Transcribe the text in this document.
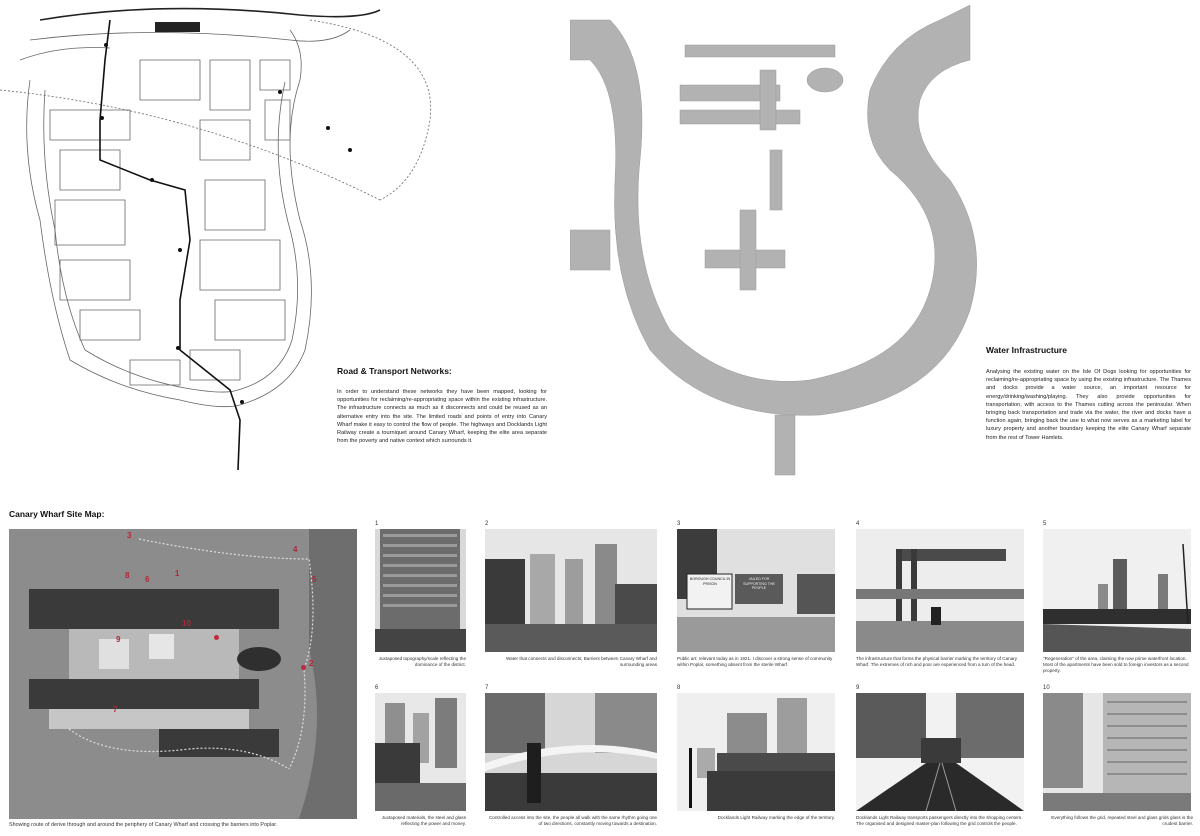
Road & Transport Networks:
In order to understand these networks they have been mapped, looking for opportunities for reclaiming/re-appropriating space within the existing infrastructure. The infrastructure connects as much as it disconnects and could be reused as an alternative entry into the site. The limited roads and points of entry into Canary Wharf make it easy to control the flow of people. The highways and Docklands Light Railway create a tourniquet around Canary Wharf, keeping the elite area separate from the poverty and native context which surrounds it.
Water Infrastructure
Analysing the existing water on the Isle Of Dogs looking for opportunities for reclaiming/re-appropriating space by using the existing infrastructure. The Thames and docks provide a water source, an important resource for energy/drinking/washing/playing. They also provide opportunities for transportation, with access to the Thames cutting across the peninsular. When bringing back transportation and trade via the water, the river and docks have a function again, bringing back the use to what now serves as a marketing label for luxury property and another boundary keeping the elite Canary Wharf separate from the rest of Tower Hamlets.
Canary Wharf Site Map:
3
4
8 6
1
5
10
9
2
7
Showing route of derive through and around the periphery of Canary Wharf and crossing the barriers into Poplar.
1
Juxtaposed topography/scale reflecting the dominance of the district.
2
Water that connects and disconnects; Barriers between Canary Wharf and surrounding areas
3
BOROUGH COUNCIL IN PRISON
JAILED FOR SUPPORTING THE PEOPLE
Public art: relevant today as in 1921. I discover a strong sense of community within Poplar, something absent from the sterile Wharf.
4
The infrastructure that forms the physical barrier marking the territory of Canary Wharf. The extremes of rich and poor are experienced from a turn of the head.
5
"Regeneration" of the area, claiming the now prime waterfront location. Most of the apartments have been sold to foreign investors as a second property.
6
Juxtaposed materials, the steel and glass reflecting the power and money.
7
Controlled access into the site, the people all walk with the same rhythm going one of two directions, constantly moving towards a destination.
8
Docklands Light Railway marking the edge of the territory.
9
Docklands Light Railway transports passengers directly into the shopping centers. The organised and designed master-plan following the grid controls the people.
10
Everything follows the grid, repeated steel and glass grids glass is the crudest barrier.
